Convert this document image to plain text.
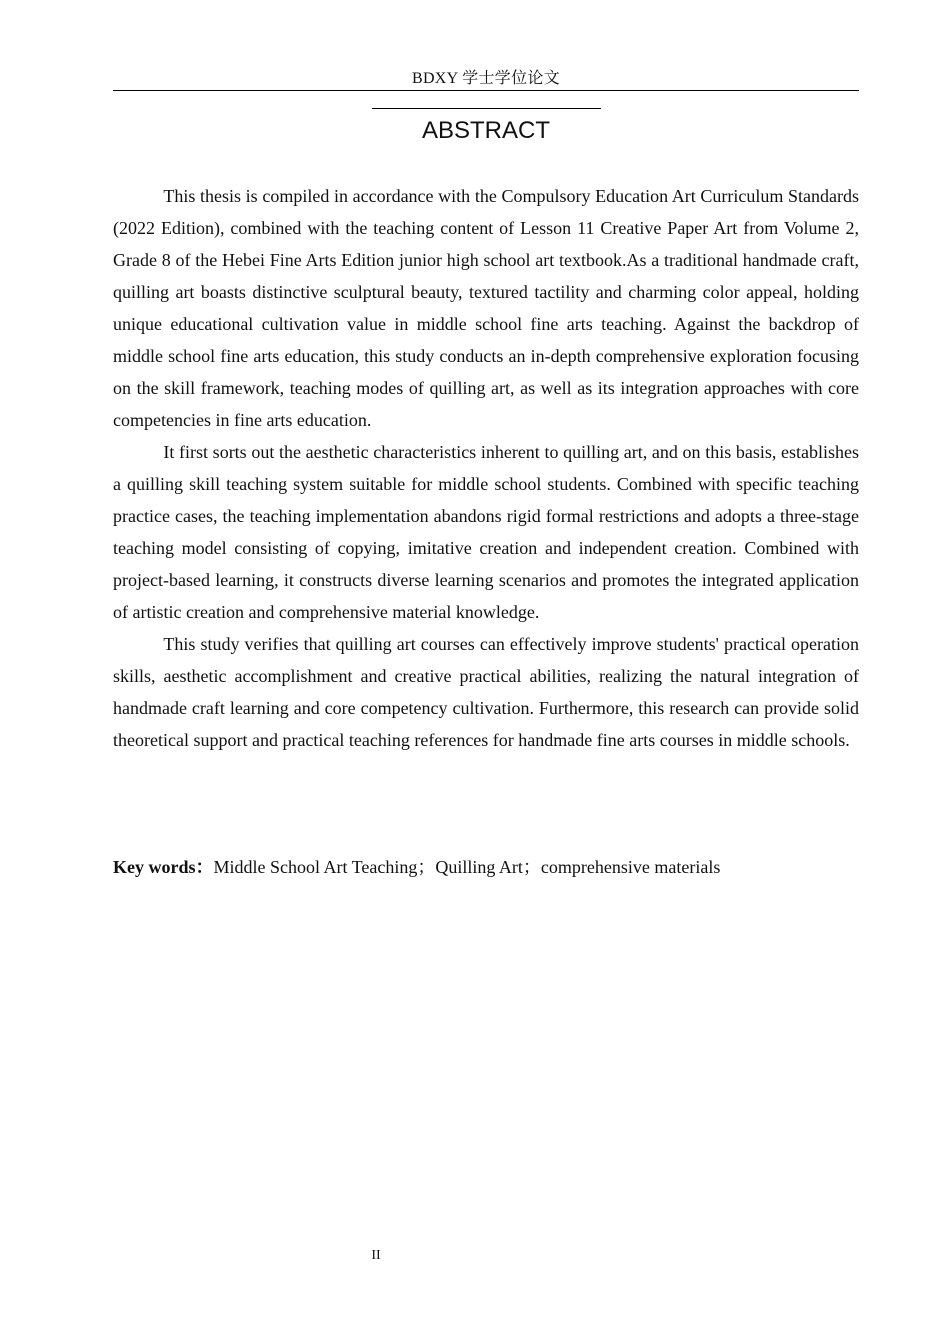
BDXY 学士学位论文
ABSTRACT

This thesis is compiled in accordance with the Compulsory Education Art Curriculum Standards (2022 Edition), combined with the teaching content of Lesson 11 Creative Paper Art from Volume 2, Grade 8 of the Hebei Fine Arts Edition junior high school art textbook.As a traditional handmade craft, quilling art boasts distinctive sculptural beauty, textured tactility and charming color appeal, holding unique educational cultivation value in middle school fine arts teaching. Against the backdrop of middle school fine arts education, this study conducts an in-depth comprehensive exploration focusing on the skill framework, teaching modes of quilling art, as well as its integration approaches with core competencies in fine arts education.

It first sorts out the aesthetic characteristics inherent to quilling art, and on this basis, establishes a quilling skill teaching system suitable for middle school students. Combined with specific teaching practice cases, the teaching implementation abandons rigid formal restrictions and adopts a three-stage teaching model consisting of copying, imitative creation and independent creation. Combined with project-based learning, it constructs diverse learning scenarios and promotes the integrated application of artistic creation and comprehensive material knowledge.

This study verifies that quilling art courses can effectively improve students' practical operation skills, aesthetic accomplishment and creative practical abilities, realizing the natural integration of handmade craft learning and core competency cultivation. Furthermore, this research can provide solid theoretical support and practical teaching references for handmade fine arts courses in middle schools.

Key words：Middle School Art Teaching；Quilling Art；comprehensive materials
II
